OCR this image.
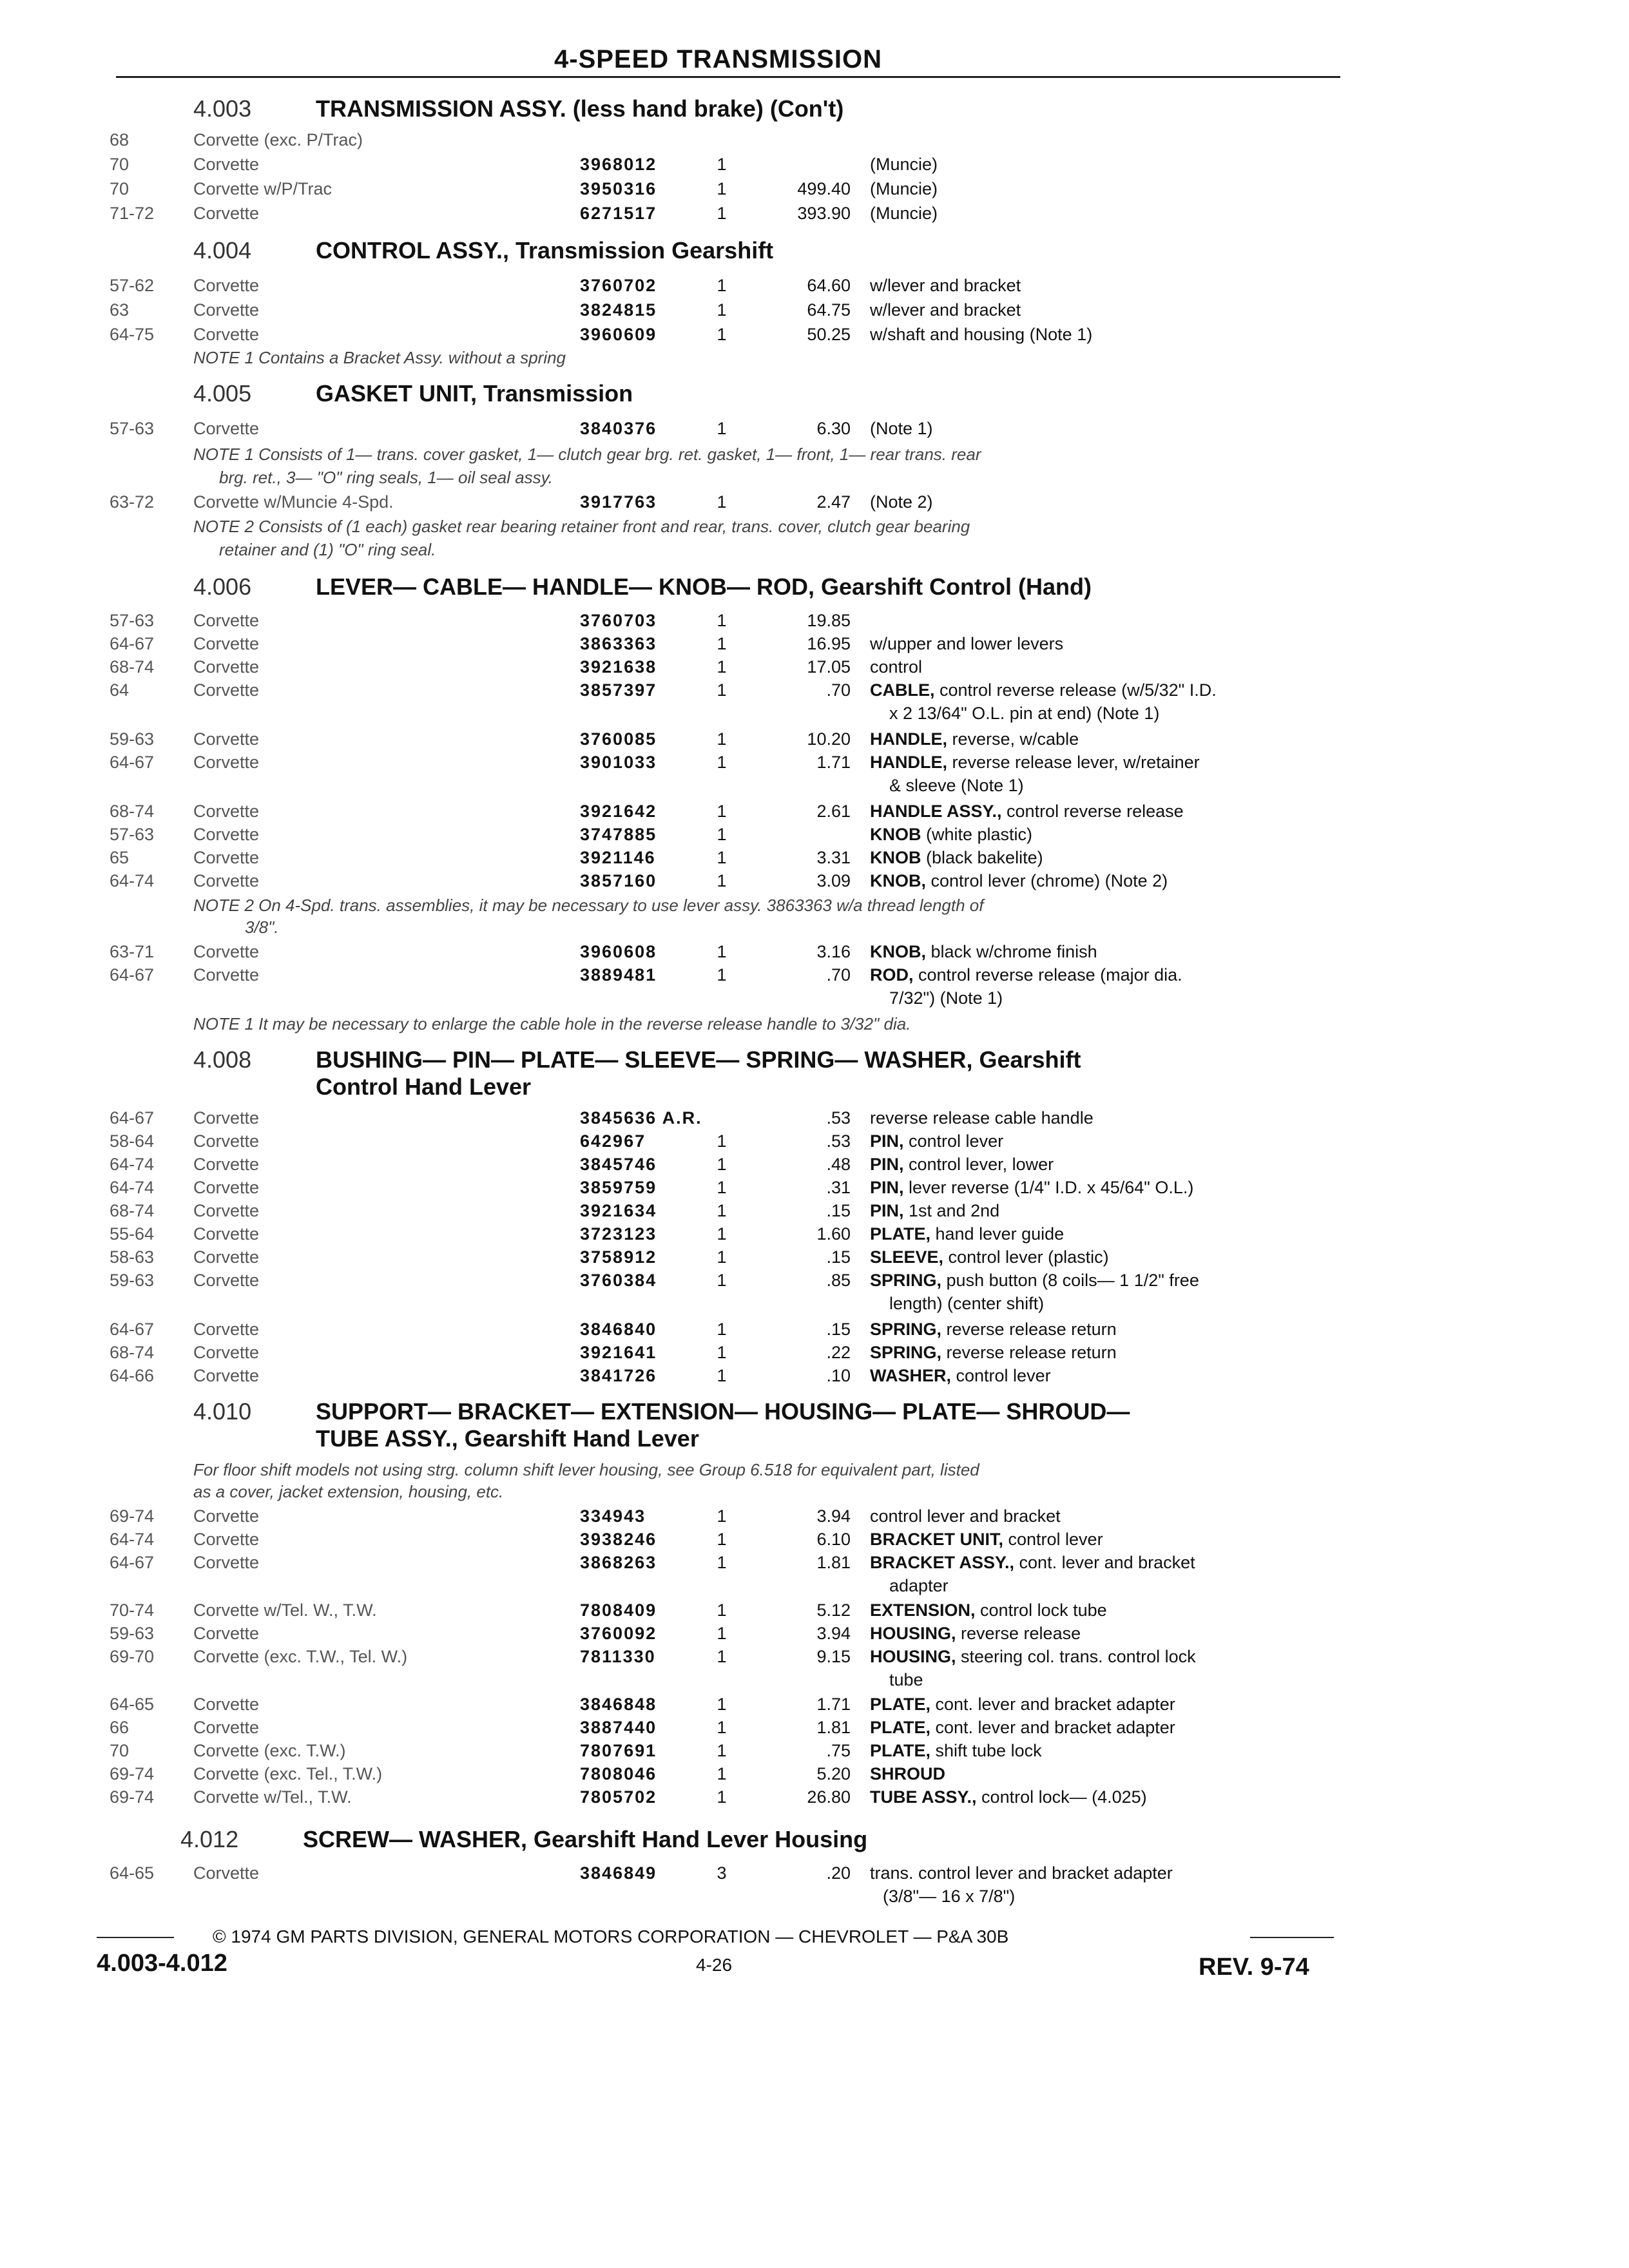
4-SPEED TRANSMISSION
4.003	TRANSMISSION ASSY. (less hand brake) (Con't)
68	Corvette (exc. P/Trac)
70	Corvette	3968012	1	(Muncie)
70	Corvette w/P/Trac	3950316	1	499.40 (Muncie)
71-72	Corvette	6271517	1	393.90 (Muncie)
4.004	CONTROL ASSY., Transmission Gearshift
57-62	Corvette	3760702	1	64.60 w/lever and bracket
63	Corvette	3824815	1	64.75 w/lever and bracket
64-75	Corvette	3960609	1	50.25 w/shaft and housing (Note 1)
NOTE 1 Contains a Bracket Assy. without a spring
4.005	GASKET UNIT, Transmission
57-63	Corvette	3840376	1	6.30 (Note 1)
NOTE 1 Consists of 1— trans. cover gasket, 1— clutch gear brg. ret. gasket, 1— front, 1— rear trans. rear
brg. ret., 3— "O" ring seals, 1— oil seal assy.
63-72	Corvette w/Muncie 4-Spd.	3917763	1	2.47 (Note 2)
NOTE 2 Consists of (1 each) gasket rear bearing retainer front and rear, trans. cover, clutch gear bearing
retainer and (1) "O" ring seal.
4.006	LEVER— CABLE— HANDLE— KNOB— ROD, Gearshift Control (Hand)
57-63	Corvette	3760703	1	19.85
64-67	Corvette	3863363	1	16.95 w/upper and lower levers
68-74	Corvette	3921638	1	17.05 control
64	Corvette	3857397	1	.70 CABLE, control reverse release (w/5/32" I.D.
x 2 13/64" O.L. pin at end) (Note 1)
59-63	Corvette	3760085	1	10.20 HANDLE, reverse, w/cable
64-67	Corvette	3901033	1	1.71 HANDLE, reverse release lever, w/retainer
& sleeve (Note 1)
68-74	Corvette	3921642	1	2.61 HANDLE ASSY., control reverse release
57-63	Corvette	3747885	1	KNOB (white plastic)
65	Corvette	3921146	1	3.31 KNOB (black bakelite)
64-74	Corvette	3857160	1	3.09 KNOB, control lever (chrome) (Note 2)
NOTE 2 On 4-Spd. trans. assemblies, it may be necessary to use lever assy. 3863363 w/a thread length of
3/8".
63-71	Corvette	3960608	1	3.16 KNOB, black w/chrome finish
64-67	Corvette	3889481	1	.70 ROD, control reverse release (major dia.
7/32") (Note 1)
NOTE 1 It may be necessary to enlarge the cable hole in the reverse release handle to 3/32" dia.
4.008	BUSHING— PIN— PLATE— SLEEVE— SPRING— WASHER, Gearshift
Control Hand Lever
64-67	Corvette	3845636 A.R.	.53 reverse release cable handle
58-64	Corvette	642967	1	.53 PIN, control lever
64-74	Corvette	3845746	1	.48 PIN, control lever, lower
64-74	Corvette	3859759	1	.31 PIN, lever reverse (1/4" I.D. x 45/64" O.L.)
68-74	Corvette	3921634	1	.15 PIN, 1st and 2nd
55-64	Corvette	3723123	1	1.60 PLATE, hand lever guide
58-63	Corvette	3758912	1	.15 SLEEVE, control lever (plastic)
59-63	Corvette	3760384	1	.85 SPRING, push button (8 coils— 1 1/2" free
length) (center shift)
64-67	Corvette	3846840	1	.15 SPRING, reverse release return
68-74	Corvette	3921641	1	.22 SPRING, reverse release return
64-66	Corvette	3841726	1	.10 WASHER, control lever
4.010	SUPPORT— BRACKET— EXTENSION— HOUSING— PLATE— SHROUD—
TUBE ASSY., Gearshift Hand Lever
For floor shift models not using strg. column shift lever housing, see Group 6.518 for equivalent part, listed
as a cover, jacket extension, housing, etc.
69-74	Corvette	334943	1	3.94 control lever and bracket
64-74	Corvette	3938246	1	6.10 BRACKET UNIT, control lever
64-67	Corvette	3868263	1	1.81 BRACKET ASSY., cont. lever and bracket
adapter
70-74	Corvette w/Tel. W., T.W.	7808409	1	5.12 EXTENSION, control lock tube
59-63	Corvette	3760092	1	3.94 HOUSING, reverse release
69-70	Corvette (exc. T.W., Tel. W.)	7811330	1	9.15 HOUSING, steering col. trans. control lock
tube
64-65	Corvette	3846848	1	1.71 PLATE, cont. lever and bracket adapter
66	Corvette	3887440	1	1.81 PLATE, cont. lever and bracket adapter
70	Corvette (exc. T.W.)	7807691	1	.75 PLATE, shift tube lock
69-74	Corvette (exc. Tel., T.W.)	7808046	1	5.20 SHROUD
69-74	Corvette w/Tel., T.W.	7805702	1	26.80 TUBE ASSY., control lock— (4.025)
4.012	SCREW— WASHER, Gearshift Hand Lever Housing
64-65	Corvette	3846849	3	.20 trans. control lever and bracket adapter
(3/8"— 16 x 7/8")
© 1974 GM PARTS DIVISION, GENERAL MOTORS CORPORATION — CHEVROLET — P&A 30B
4.003-4.012	4-26	REV. 9-74
